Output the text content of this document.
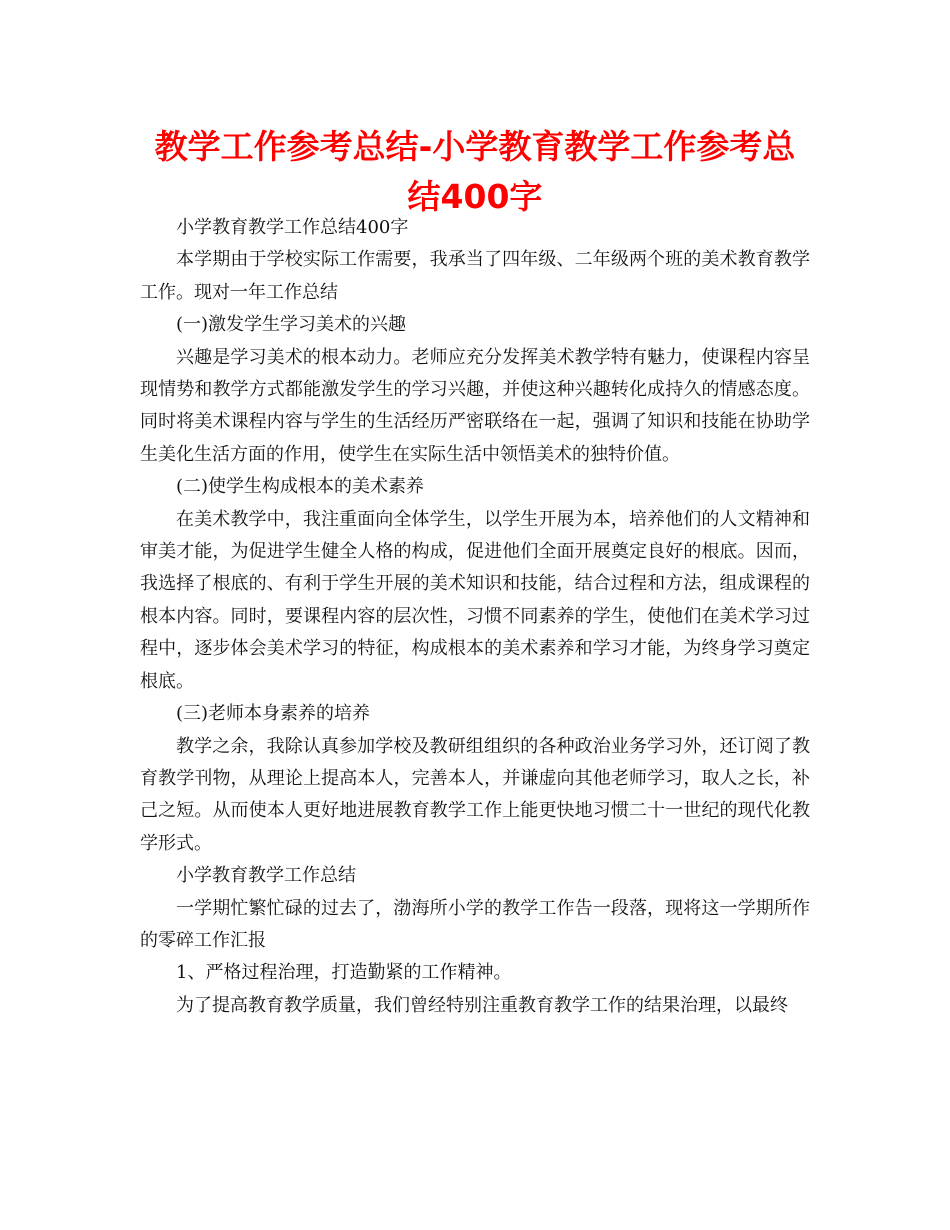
教学工作参考总结-小学教育教学工作参考总结400字

小学教育教学工作总结400字

本学期由于学校实际工作需要，我承当了四年级、二年级两个班的美术教育教学工作。现对一年工作总结

(一)激发学生学习美术的兴趣

兴趣是学习美术的根本动力。老师应充分发挥美术教学特有魅力，使课程内容呈现情势和教学方式都能激发学生的学习兴趣，并使这种兴趣转化成持久的情感态度。同时将美术课程内容与学生的生活经历严密联络在一起，强调了知识和技能在协助学生美化生活方面的作用，使学生在实际生活中领悟美术的独特价值。

(二)使学生构成根本的美术素养

在美术教学中，我注重面向全体学生，以学生开展为本，培养他们的人文精神和审美才能，为促进学生健全人格的构成，促进他们全面开展奠定良好的根底。因而，我选择了根底的、有利于学生开展的美术知识和技能，结合过程和方法，组成课程的根本内容。同时，要课程内容的层次性，习惯不同素养的学生，使他们在美术学习过程中，逐步体会美术学习的特征，构成根本的美术素养和学习才能，为终身学习奠定根底。

(三)老师本身素养的培养

教学之余，我除认真参加学校及教研组组织的各种政治业务学习外，还订阅了教育教学刊物，从理论上提高本人，完善本人，并谦虚向其他老师学习，取人之长，补己之短。从而使本人更好地进展教育教学工作上能更快地习惯二十一世纪的现代化教学形式。

小学教育教学工作总结

一学期忙繁忙碌的过去了，渤海所小学的教学工作告一段落，现将这一学期所作的零碎工作汇报

1、严格过程治理，打造勤紧的工作精神。

为了提高教育教学质量，我们曾经特别注重教育教学工作的结果治理，以最终
